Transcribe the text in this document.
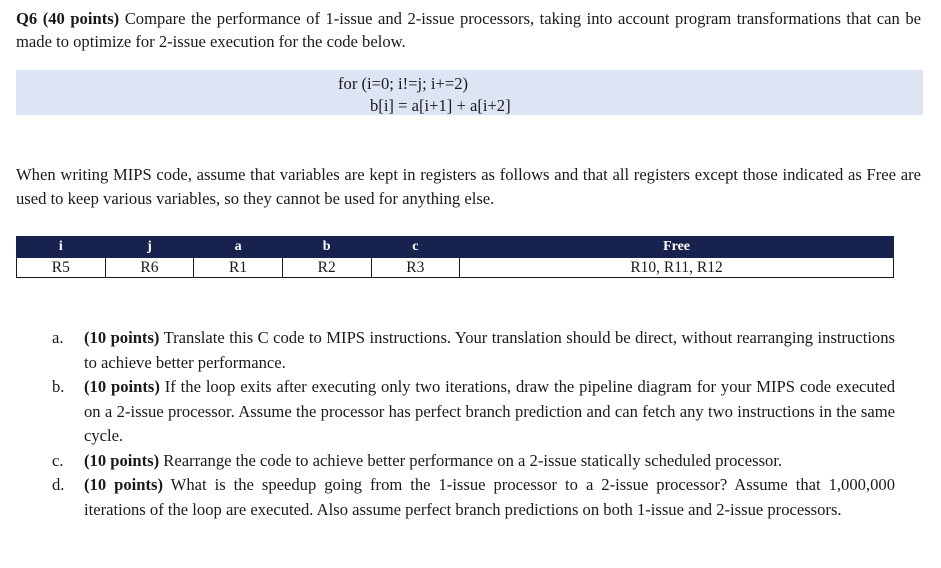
Q6 (40 points) Compare the performance of 1-issue and 2-issue processors, taking into account program transformations that can be made to optimize for 2-issue execution for the code below.
for (i=0; i!=j; i+=2)
b[i] = a[i+1] + a[i+2]
When writing MIPS code, assume that variables are kept in registers as follows and that all registers except those indicated as Free are used to keep various variables, so they cannot be used for anything else.
i	j	a	b	c	Free
R5	R6	R1	R2	R3	R10, R11, R12
a. (10 points) Translate this C code to MIPS instructions. Your translation should be direct, without rearranging instructions to achieve better performance.
b. (10 points) If the loop exits after executing only two iterations, draw the pipeline diagram for your MIPS code executed on a 2-issue processor. Assume the processor has perfect branch prediction and can fetch any two instructions in the same cycle.
c. (10 points) Rearrange the code to achieve better performance on a 2-issue statically scheduled processor.
d. (10 points) What is the speedup going from the 1-issue processor to a 2-issue processor? Assume that 1,000,000 iterations of the loop are executed. Also assume perfect branch predictions on both 1-issue and 2-issue processors.
